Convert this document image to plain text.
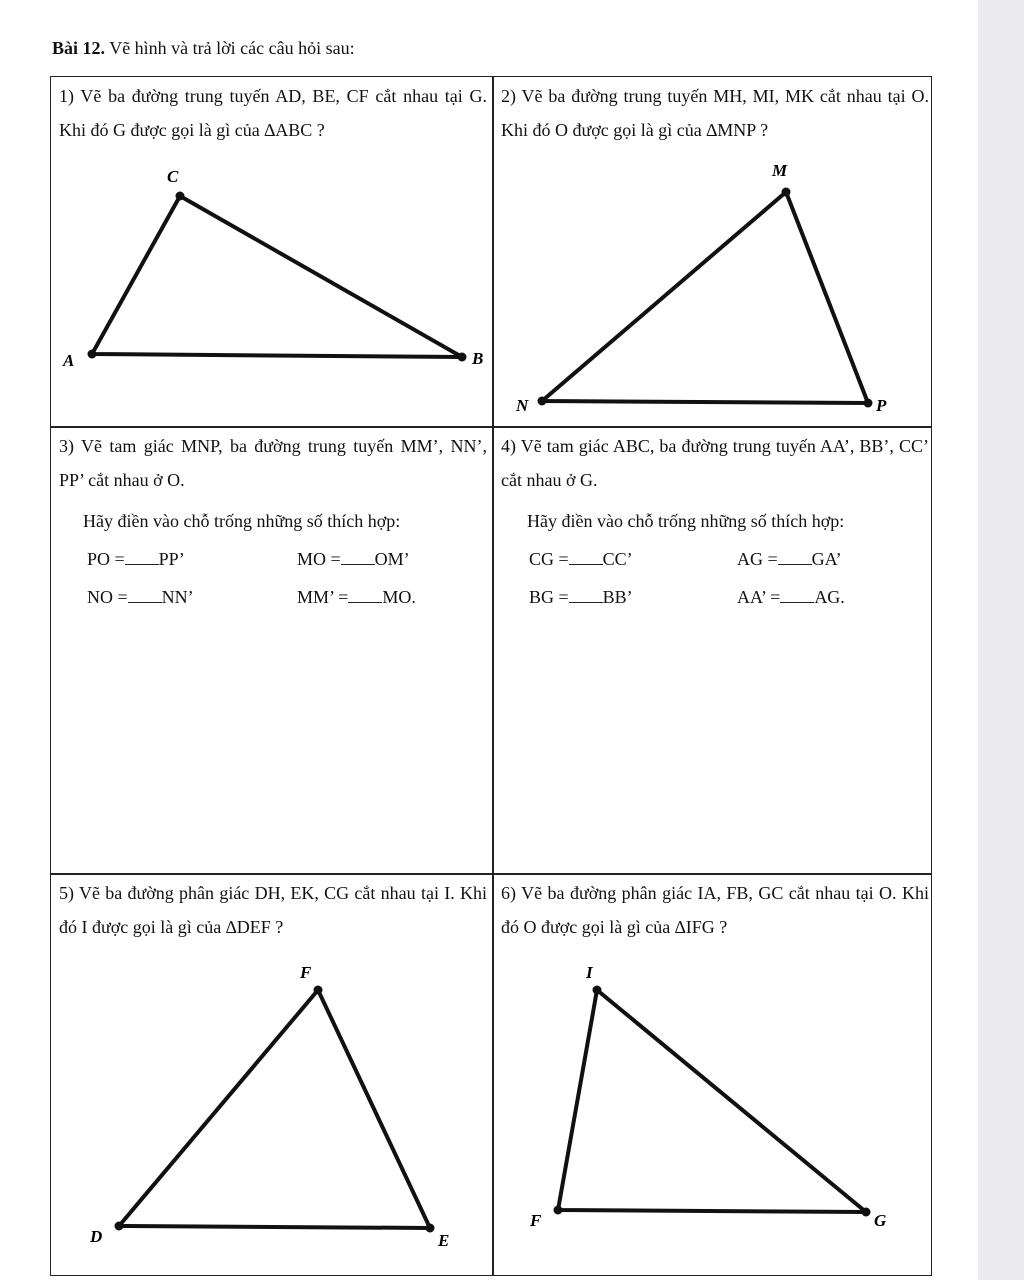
Bài 12. Vẽ hình và trả lời các câu hỏi sau:

1) Vẽ ba đường trung tuyến AD, BE, CF cắt nhau tại G. Khi đó G được gọi là gì của ∆ABC ?

2) Vẽ ba đường trung tuyến MH, MI, MK cắt nhau tại O. Khi đó O được gọi là gì của ∆MNP ?

3) Vẽ tam giác MNP, ba đường trung tuyến MM’, NN’, PP’ cắt nhau ở O.

Hãy điền vào chỗ trống những số thích hợp:
PO = PP’	MO = OM’
NO = NN’	MM’ = MO.

4) Vẽ tam giác ABC, ba đường trung tuyến AA’, BB’, CC’ cắt nhau ở G.

Hãy điền vào chỗ trống những số thích hợp:
CG = CC’	AG = GA’
BG = BB’	AA’ = AG.

5) Vẽ ba đường phân giác DH, EK, CG cắt nhau tại I. Khi đó I được gọi là gì của ∆DEF ?

6) Vẽ ba đường phân giác IA, FB, GC cắt nhau tại O. Khi đó O được gọi là gì của ∆IFG ?

C
A	B
M
N	P
F
D	E
I
F	G
